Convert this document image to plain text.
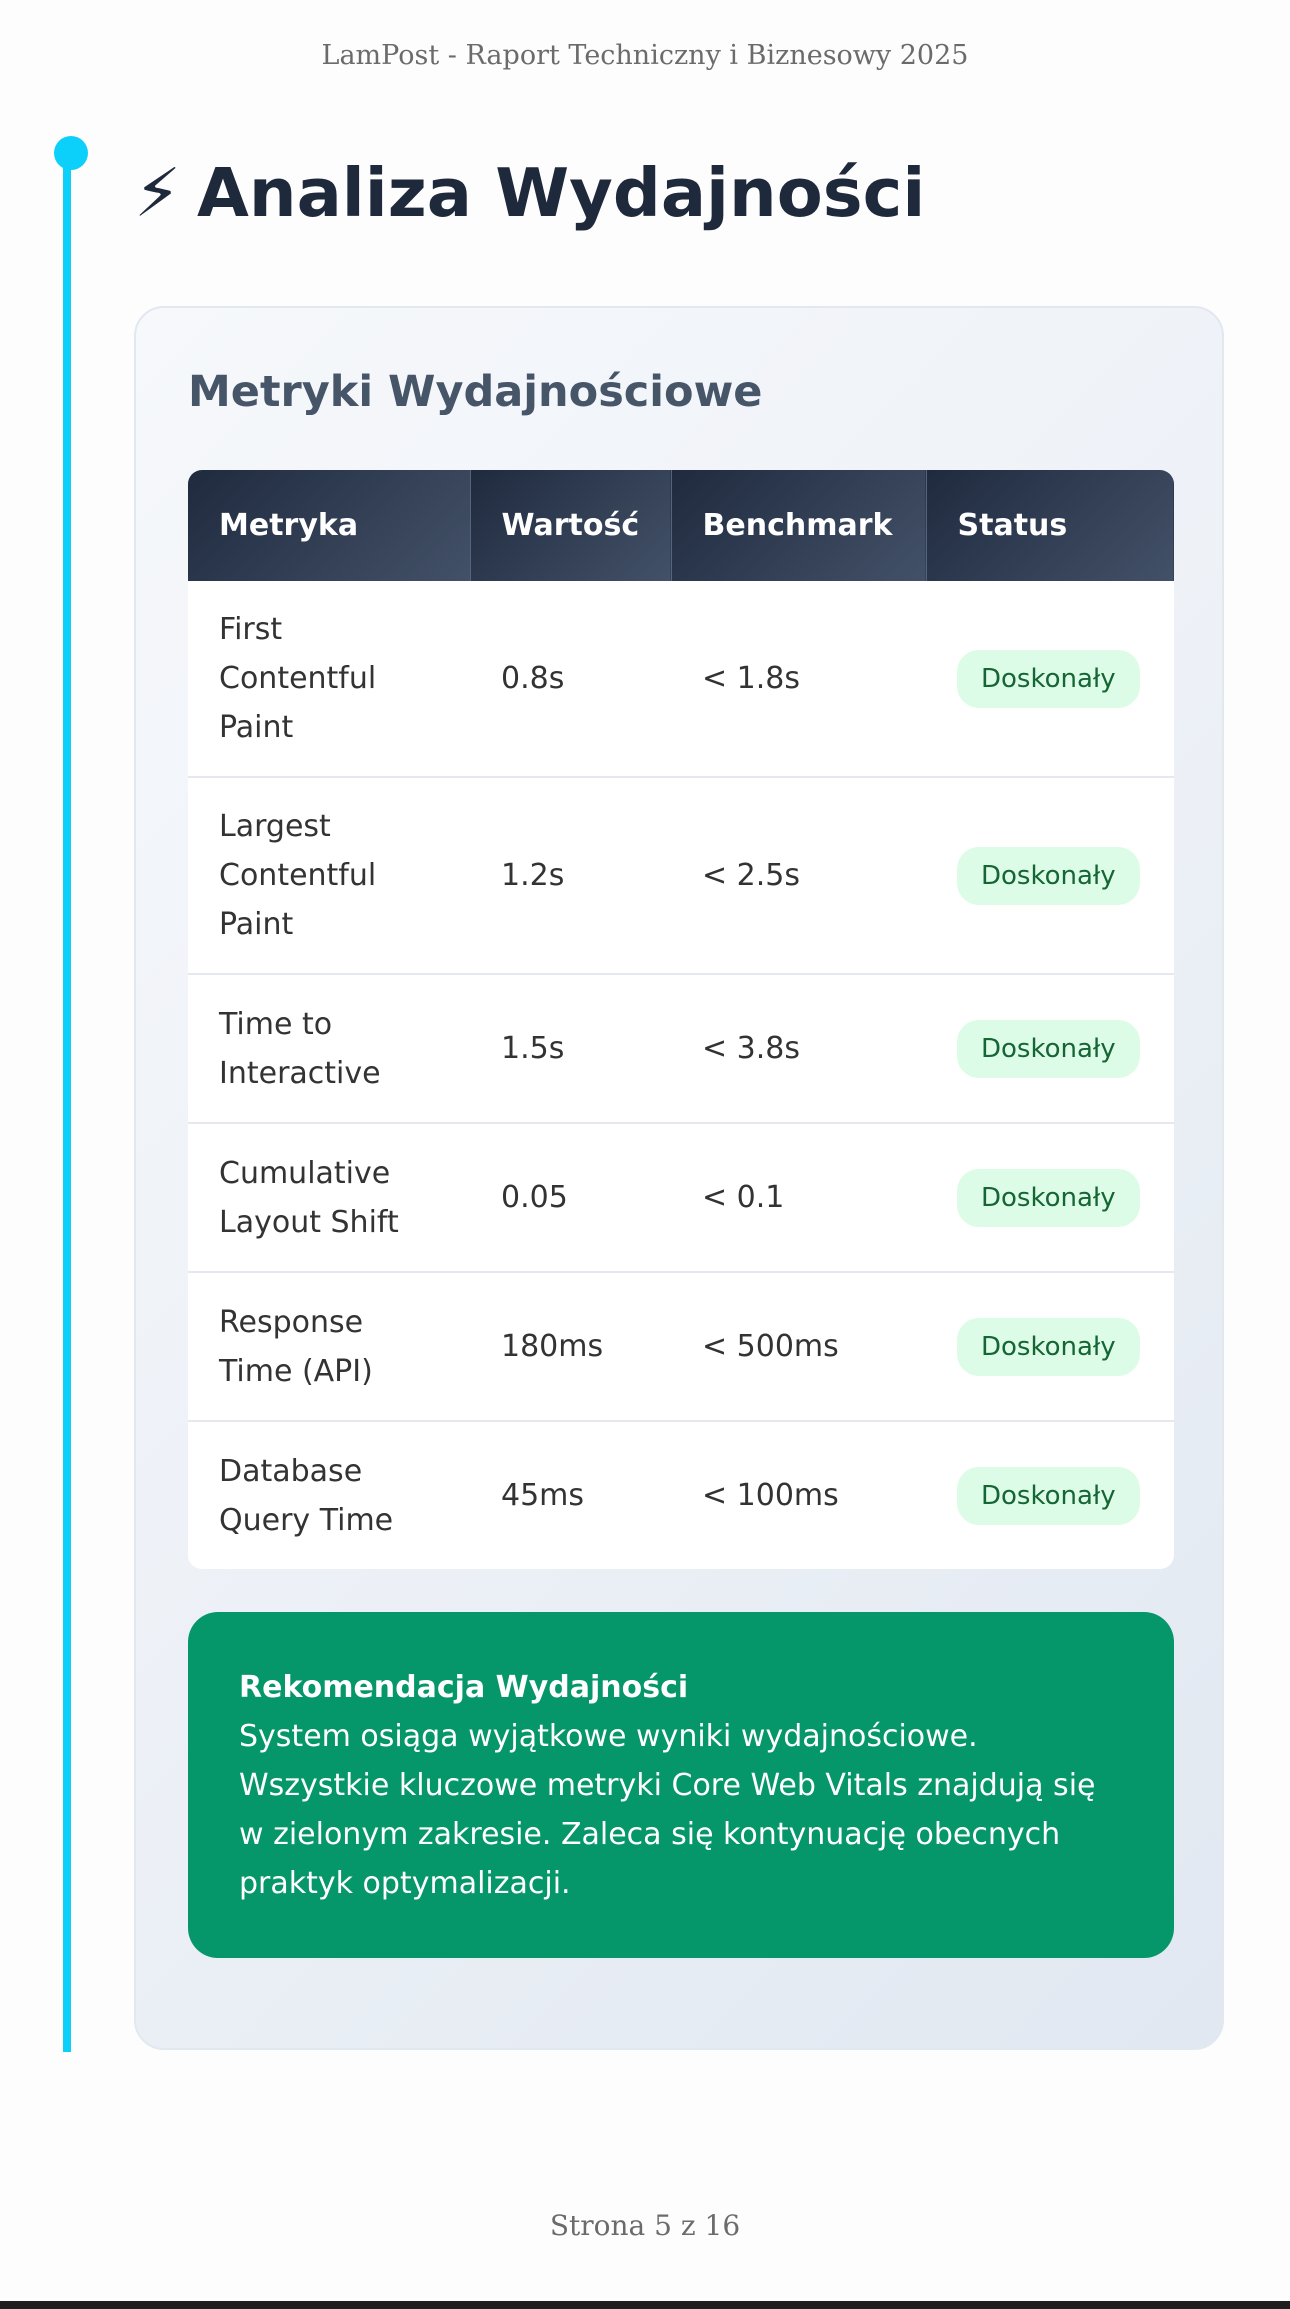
LamPost - Raport Techniczny i Biznesowy 2025
⚡ Analiza Wydajności
Metryki Wydajnościowe
Metryka	Wartość	Benchmark	Status

First Contentful Paint	0.8s	< 1.8s	Doskonały

Largest Contentful Paint	1.2s	< 2.5s	Doskonały

Time to Interactive	1.5s	< 3.8s	Doskonały

Cumulative Layout Shift	0.05	< 0.1	Doskonały

Response Time (API)	180ms	< 500ms	Doskonały

Database Query Time	45ms	< 100ms	Doskonały
Rekomendacja Wydajności
System osiąga wyjątkowe wyniki wydajnościowe. Wszystkie kluczowe metryki Core Web Vitals znajdują się w zielonym zakresie. Zaleca się kontynuację obecnych praktyk optymalizacji.
Strona 5 z 16
